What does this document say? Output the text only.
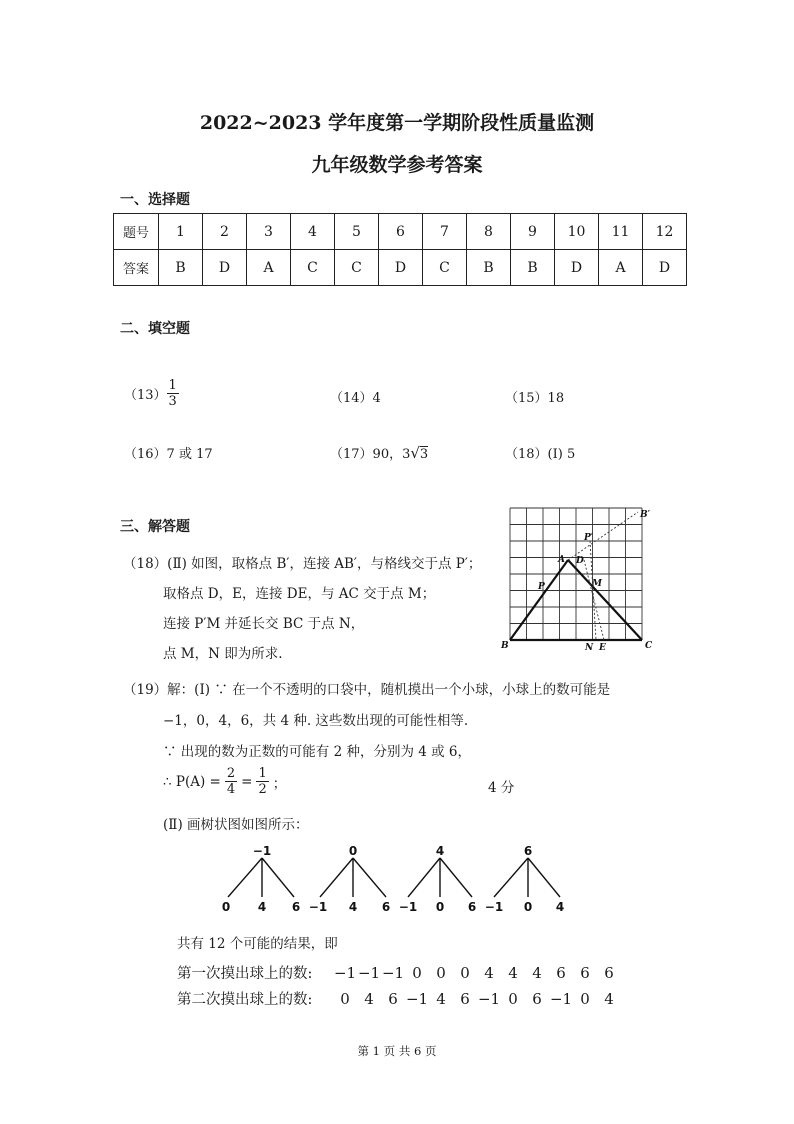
2022~2023 学年度第一学期阶段性质量监测
九年级数学参考答案
一、选择题
题号	1	2	3	4	5	6	7	8	9	10	11	12
答案	B	D	A	C	C	D	C	B	B	D	A	D
二、填空题
$(13) \frac{1}{3}$	（14）4	（15）18
（16）7 或 17	（17）90，3√3	（18）(Ⅰ) 5
三、解答题
（18）(Ⅱ) 如图，取格点 B′，连接 AB′，与格线交于点 P′；
取格点 D，E，连接 DE，与 AC 交于点 M；
连接 P′M 并延长交 BC 于点 N，
点 M，N 即为所求.	B	C
A D
M
P
P′
B′
N E
（19）解：(Ⅰ) ∵ 在一个不透明的口袋中，随机摸出一个小球，小球上的数可能是
−1，0，4，6，共 4 种. 这些数出现的可能性相等.
∵ 出现的数为正数的可能有 2 种，分别为 4 或 6，
∴ $P(A) = \frac{2}{4} = \frac{1}{2}$ ；	4 分
(Ⅱ) 画树状图如图所示：
−1
0 4 6
0
−1 4 6
4
−1 0 6
6
−1 0 4
共有 12 个可能的结果，即
第一次摸出球上的数:	−1 −1 −1 0 0 0 4 4 4 6 6 6
第二次摸出球上的数:	0 4 6 −1 4 6 −1 0 6 −1 0 4
第 1 页 共 6 页
